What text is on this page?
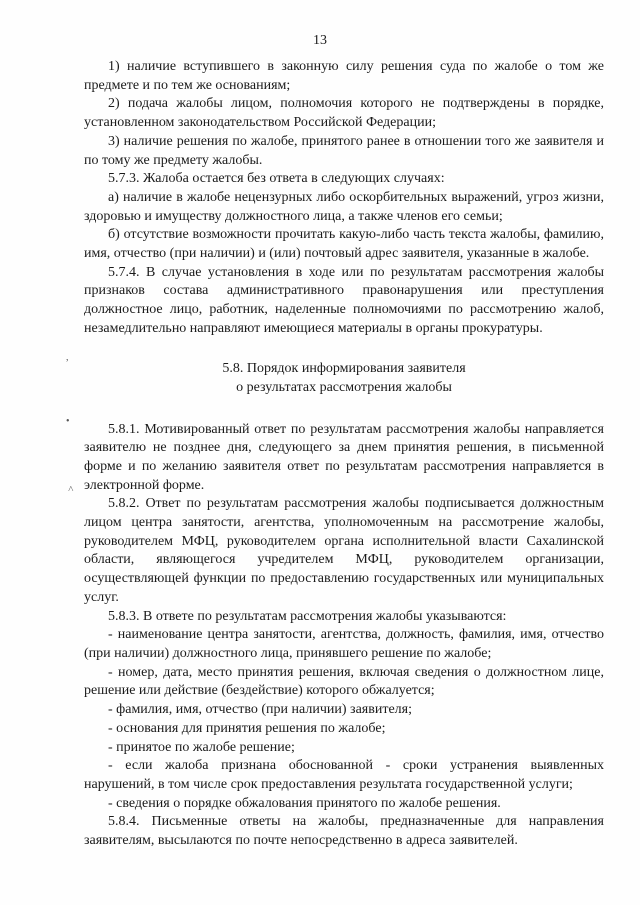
13
,
•
˄

1) наличие вступившего в законную силу решения суда по жалобе о том же предмете и по тем же основаниям;

2) подача жалобы лицом, полномочия которого не подтверждены в порядке, установленном законодательством Российской Федерации;

3) наличие решения по жалобе, принятого ранее в отношении того же заявителя и по тому же предмету жалобы.

5.7.3. Жалоба остается без ответа в следующих случаях:

а) наличие в жалобе нецензурных либо оскорбительных выражений, угроз жизни, здоровью и имуществу должностного лица, а также членов его семьи;

б) отсутствие возможности прочитать какую-либо часть текста жалобы, фамилию, имя, отчество (при наличии) и (или) почтовый адрес заявителя, указанные в жалобе.

5.7.4. В случае установления в ходе или по результатам рассмотрения жалобы признаков состава административного правонарушения или преступления должностное лицо, работник, наделенные полномочиями по рассмотрению жалоб, незамедлительно направляют имеющиеся материалы в органы прокуратуры.

5.8. Порядок информирования заявителя
о результатах рассмотрения жалобы

5.8.1. Мотивированный ответ по результатам рассмотрения жалобы направляется заявителю не позднее дня, следующего за днем принятия решения, в письменной форме и по желанию заявителя ответ по результатам рассмотрения направляется в электронной форме.

5.8.2. Ответ по результатам рассмотрения жалобы подписывается должностным лицом центра занятости, агентства, уполномоченным на рассмотрение жалобы, руководителем МФЦ, руководителем органа исполнительной власти Сахалинской области, являющегося учредителем МФЦ, руководителем организации, осуществляющей функции по предоставлению государственных или муниципальных услуг.

5.8.3. В ответе по результатам рассмотрения жалобы указываются:

- наименование центра занятости, агентства, должность, фамилия, имя, отчество (при наличии) должностного лица, принявшего решение по жалобе;

- номер, дата, место принятия решения, включая сведения о должностном лице, решение или действие (бездействие) которого обжалуется;

- фамилия, имя, отчество (при наличии) заявителя;

- основания для принятия решения по жалобе;

- принятое по жалобе решение;

- если жалоба признана обоснованной - сроки устранения выявленных нарушений, в том числе срок предоставления результата государственной услуги;

- сведения о порядке обжалования принятого по жалобе решения.

5.8.4. Письменные ответы на жалобы, предназначенные для направления заявителям, высылаются по почте непосредственно в адреса заявителей.
